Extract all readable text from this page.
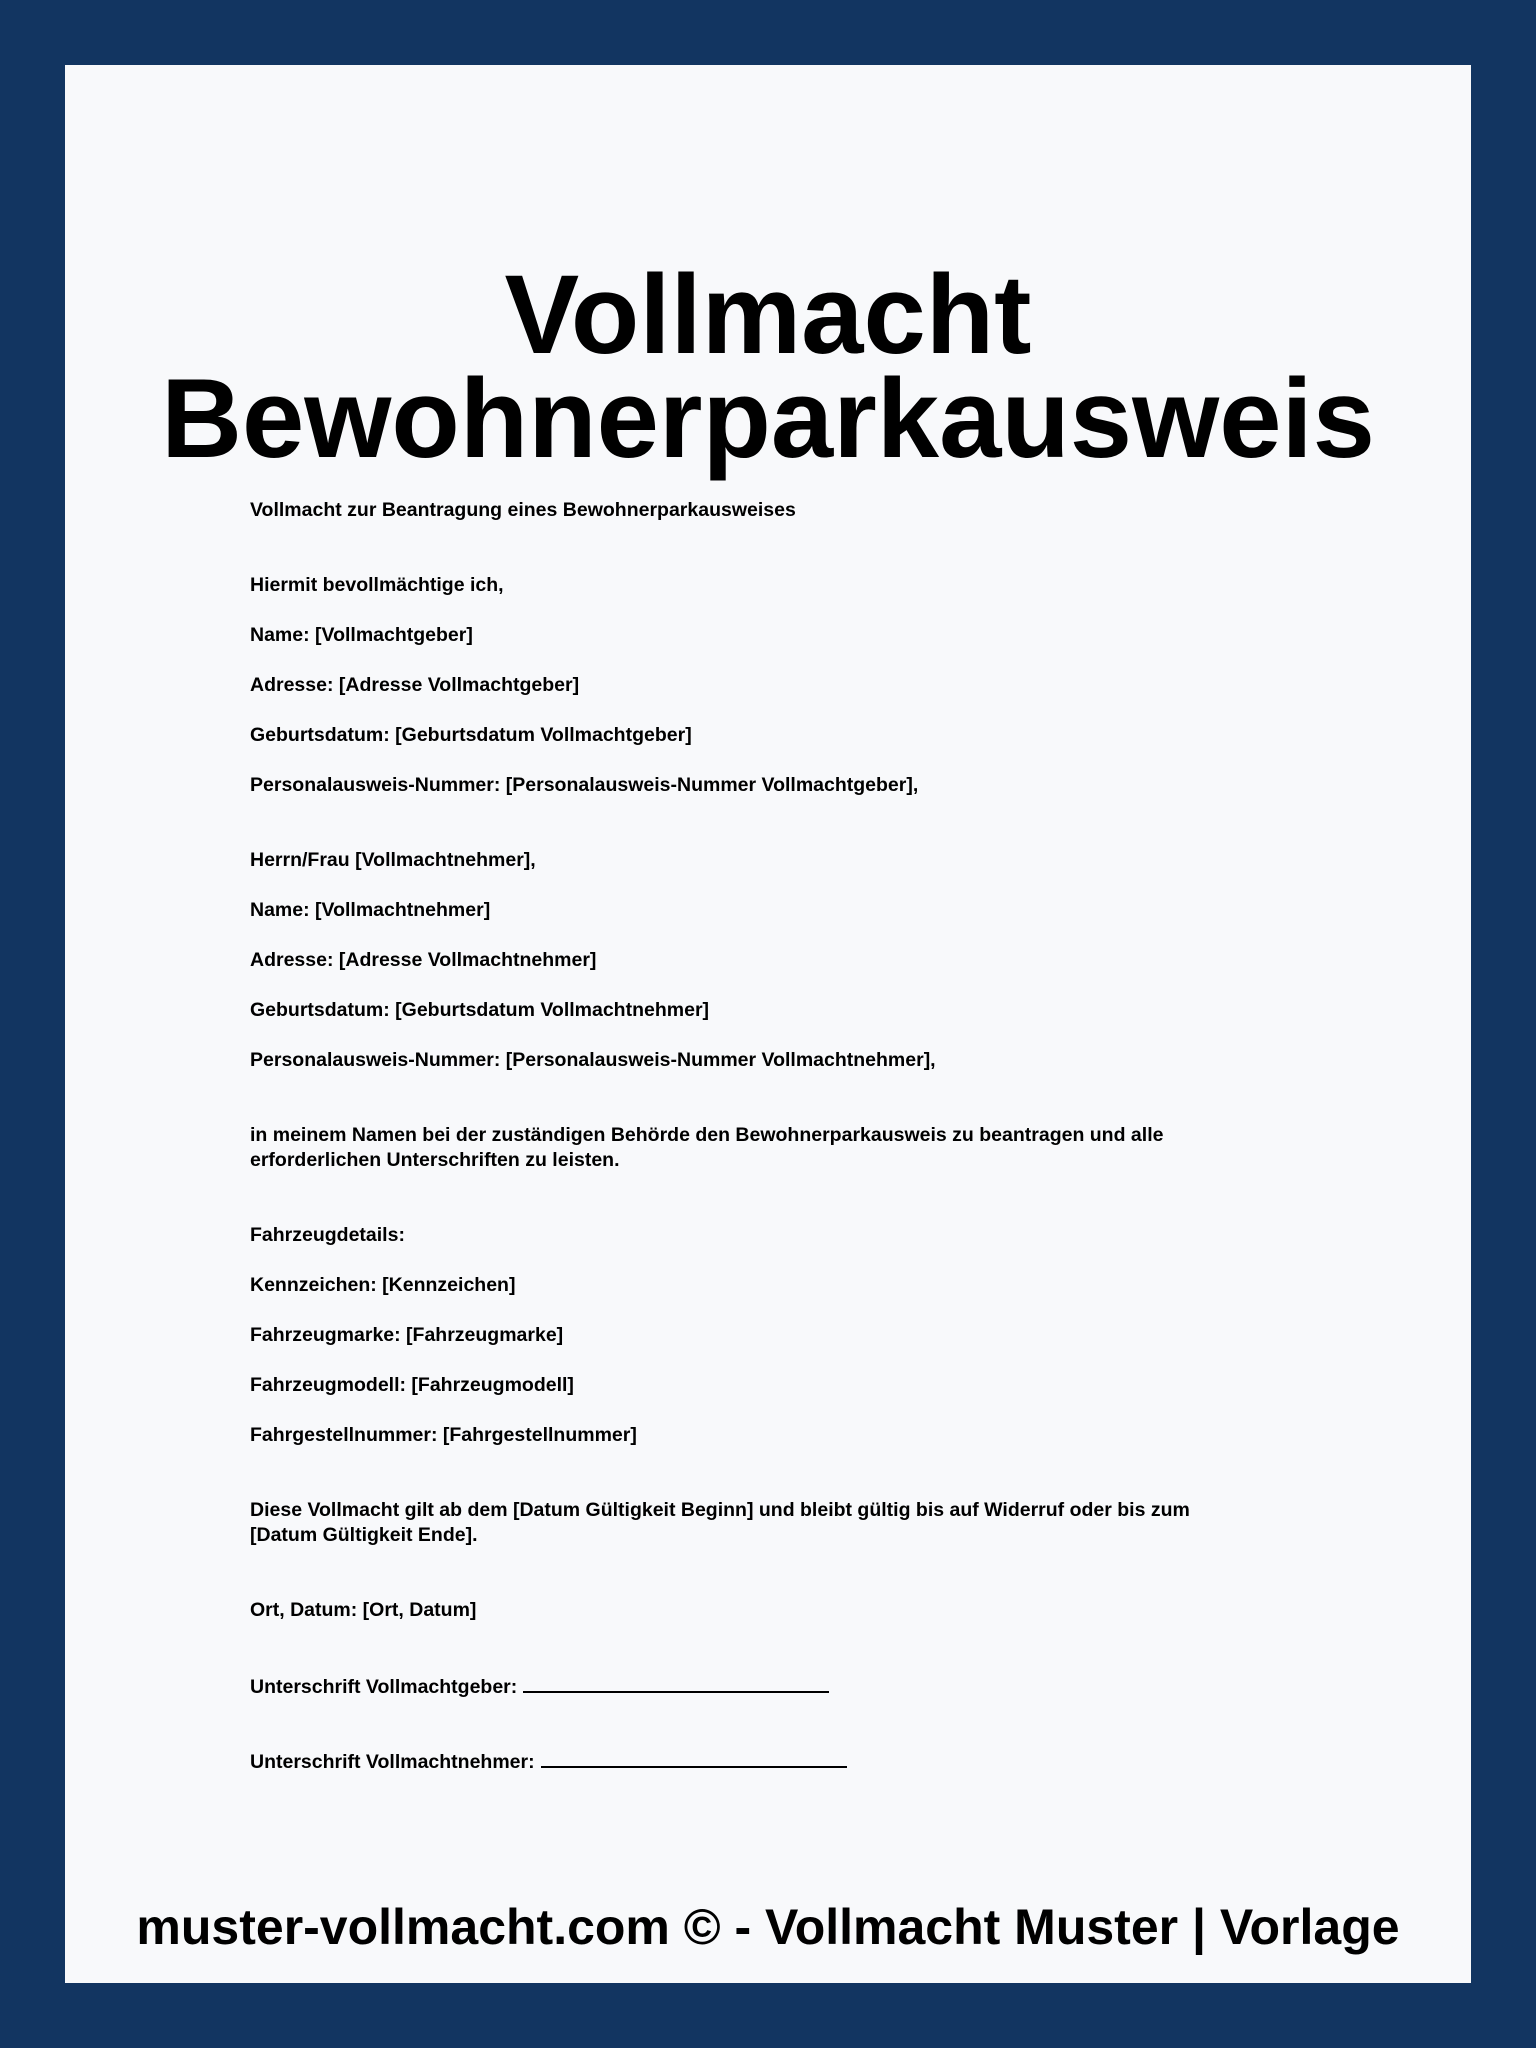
Vollmacht
Bewohnerparkausweis
Vollmacht zur Beantragung eines Bewohnerparkausweises
Hiermit bevollmächtige ich,
Name: [Vollmachtgeber]
Adresse: [Adresse Vollmachtgeber]
Geburtsdatum: [Geburtsdatum Vollmachtgeber]
Personalausweis-Nummer: [Personalausweis-Nummer Vollmachtgeber],
Herrn/Frau [Vollmachtnehmer],
Name: [Vollmachtnehmer]
Adresse: [Adresse Vollmachtnehmer]
Geburtsdatum: [Geburtsdatum Vollmachtnehmer]
Personalausweis-Nummer: [Personalausweis-Nummer Vollmachtnehmer],
in meinem Namen bei der zuständigen Behörde den Bewohnerparkausweis zu beantragen und alle
erforderlichen Unterschriften zu leisten.
Fahrzeugdetails:
Kennzeichen: [Kennzeichen]
Fahrzeugmarke: [Fahrzeugmarke]
Fahrzeugmodell: [Fahrzeugmodell]
Fahrgestellnummer: [Fahrgestellnummer]
Diese Vollmacht gilt ab dem [Datum Gültigkeit Beginn] und bleibt gültig bis auf Widerruf oder bis zum
[Datum Gültigkeit Ende].
Ort, Datum: [Ort, Datum]
Unterschrift Vollmachtgeber:
Unterschrift Vollmachtnehmer:
muster-vollmacht.com © - Vollmacht Muster | Vorlage
